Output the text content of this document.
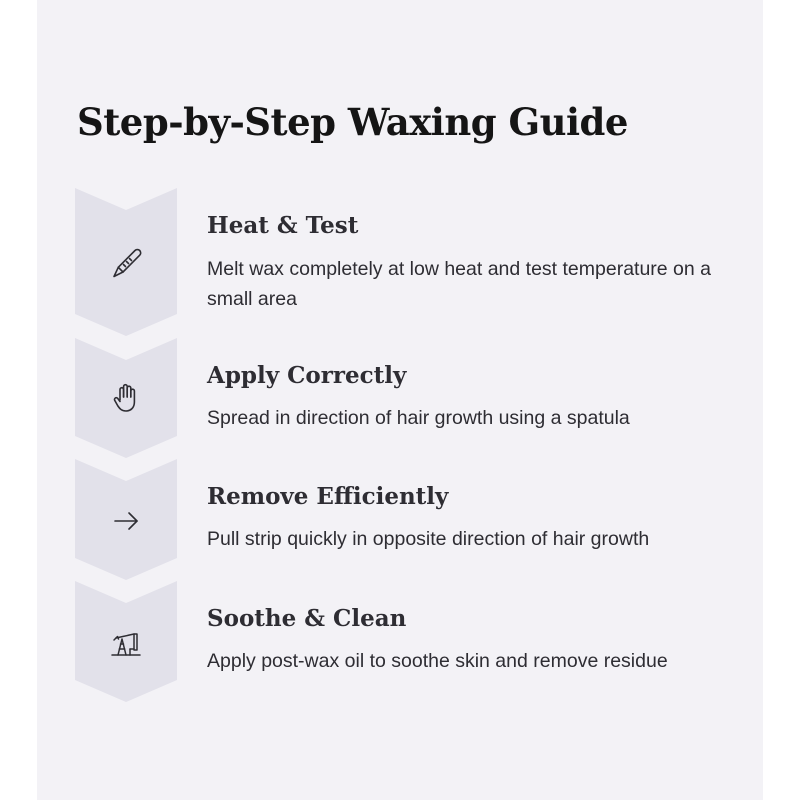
Step-by-Step Waxing Guide
Heat & Test
Melt wax completely at low heat and test temperature on a small area
Apply Correctly
Spread in direction of hair growth using a spatula
Remove Efficiently
Pull strip quickly in opposite direction of hair growth
Soothe & Clean
Apply post-wax oil to soothe skin and remove residue
